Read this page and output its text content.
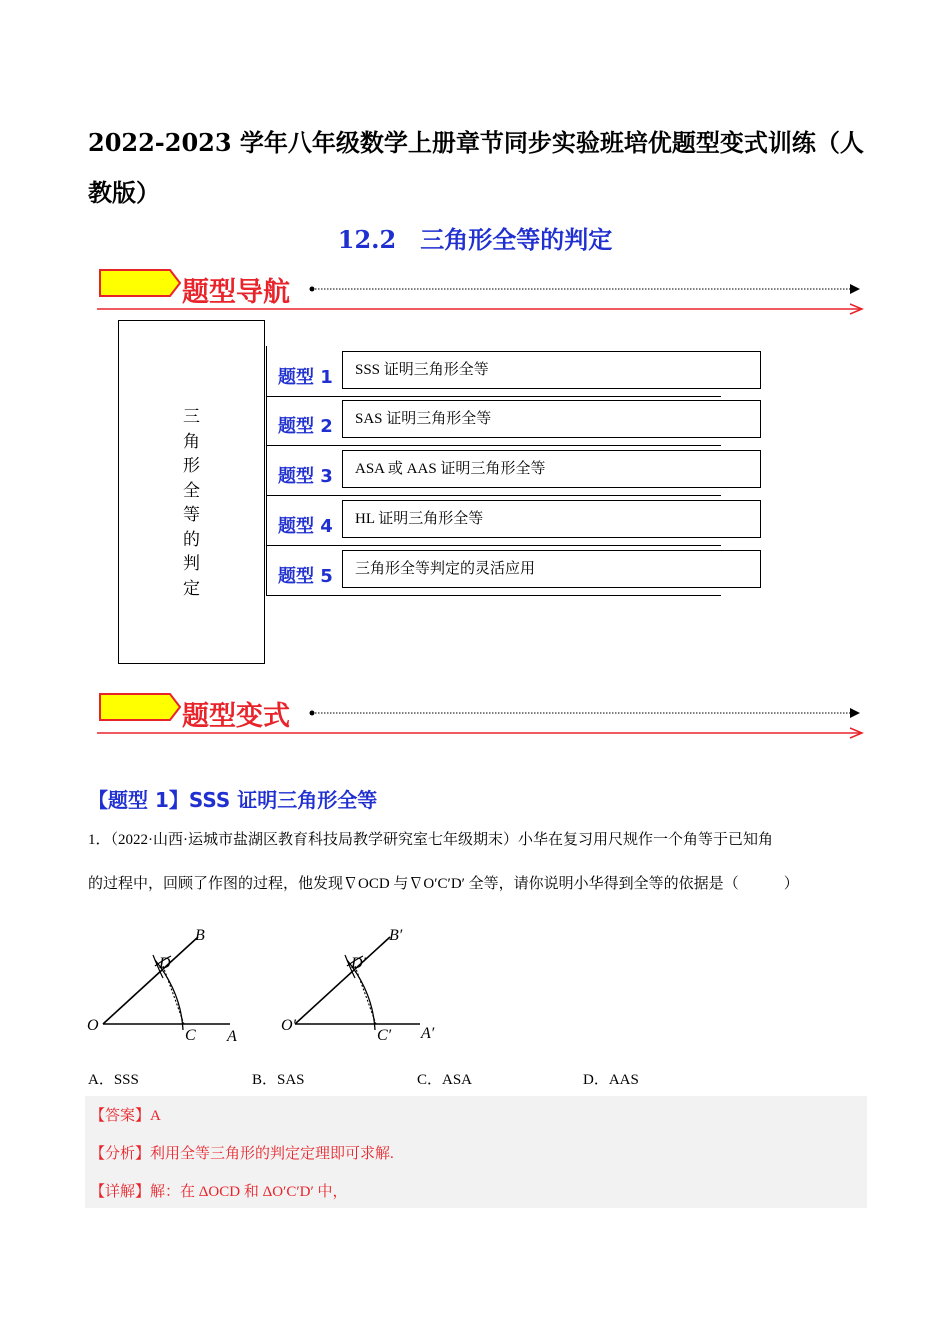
2022-2023 学年八年级数学上册章节同步实验班培优题型变式训练（人教版）
12.2　三角形全等的判定
题型导航
三
角
形
全
等
的
判
定
题型 1	SSS 证明三角形全等
题型 2	SAS 证明三角形全等
题型 3	ASA 或 AAS 证明三角形全等
题型 4	HL 证明三角形全等
题型 5	三角形全等判定的灵活应用
题型变式
【题型 1】SSS 证明三角形全等
1．（2022·山西·运城市盐湖区教育科技局教学研究室七年级期末）小华在复习用尺规作一个角等于已知角
的过程中，回顾了作图的过程，他发现∇OCD 与∇O′C′D′ 全等，请你说明小华得到全等的依据是（　　　）
O
C A
D
B
O′
C′ A′
D′
B′
A．SSS	B．SAS	C．ASA	D．AAS
【答案】A
【分析】利用全等三角形的判定定理即可求解.
【详解】解：在 ΔOCD 和 ΔO′C′D′ 中，
